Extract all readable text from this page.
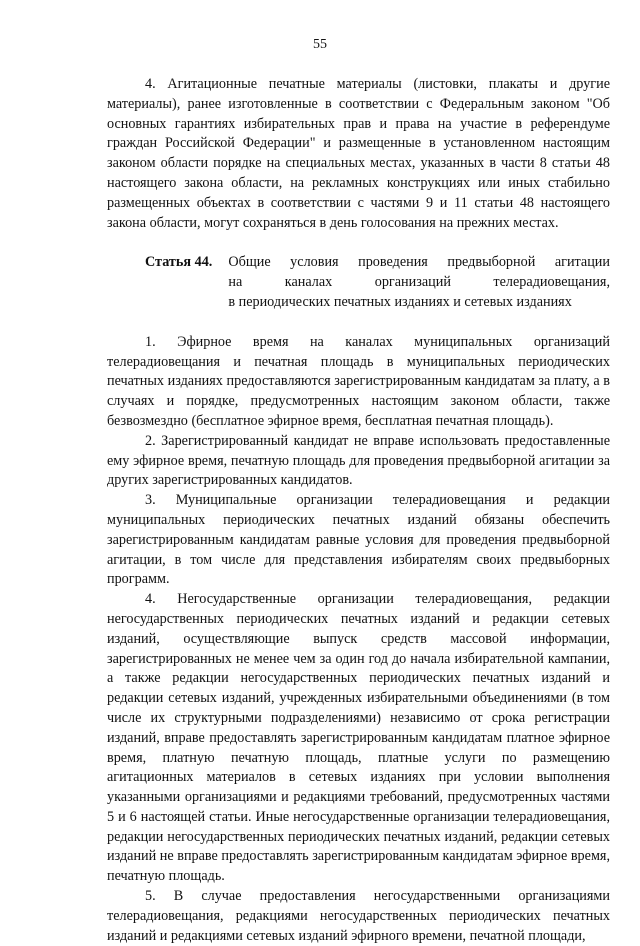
55

4. Агитационные печатные материалы (листовки, плакаты и другие материалы), ранее изготовленные в соответствии с Федеральным законом "Об основных гарантиях избирательных прав и права на участие в референдуме граждан Российской Федерации" и размещенные в установленном настоящим законом области порядке на специальных местах, указанных в части 8 статьи 48 настоящего закона области, на рекламных конструкциях или иных стабильно размещенных объектах в соответствии с частями 9 и 11 статьи 48 настоящего закона области, могут сохраняться в день голосования на прежних местах.

Статья 44. Общие условия проведения предвыборной агитации
на каналах организаций телерадиовещания,
в периодических печатных изданиях и сетевых изданиях

1. Эфирное время на каналах муниципальных организаций телерадиовещания и печатная площадь в муниципальных периодических печатных изданиях предоставляются зарегистрированным кандидатам за плату, а в случаях и порядке, предусмотренных настоящим законом области, также безвозмездно (бесплатное эфирное время, бесплатная печатная площадь).

2. Зарегистрированный кандидат не вправе использовать предоставленные ему эфирное время, печатную площадь для проведения предвыборной агитации за других зарегистрированных кандидатов.

3. Муниципальные организации телерадиовещания и редакции муниципальных периодических печатных изданий обязаны обеспечить зарегистрированным кандидатам равные условия для проведения предвыборной агитации, в том числе для представления избирателям своих предвыборных программ.

4. Негосударственные организации телерадиовещания, редакции негосударственных периодических печатных изданий и редакции сетевых изданий, осуществляющие выпуск средств массовой информации, зарегистрированных не менее чем за один год до начала избирательной кампании, а также редакции негосударственных периодических печатных изданий и редакции сетевых изданий, учрежденных избирательными объединениями (в том числе их структурными подразделениями) независимо от срока регистрации изданий, вправе предоставлять зарегистрированным кандидатам платное эфирное время, платную печатную площадь, платные услуги по размещению агитационных материалов в сетевых изданиях при условии выполнения указанными организациями и редакциями требований, предусмотренных частями 5 и 6 настоящей статьи. Иные негосударственные организации телерадиовещания, редакции негосударственных периодических печатных изданий, редакции сетевых изданий не вправе предоставлять зарегистрированным кандидатам эфирное время, печатную площадь.

5. В случае предоставления негосударственными организациями телерадиовещания, редакциями негосударственных периодических печатных изданий и редакциями сетевых изданий эфирного времени, печатной площади,
